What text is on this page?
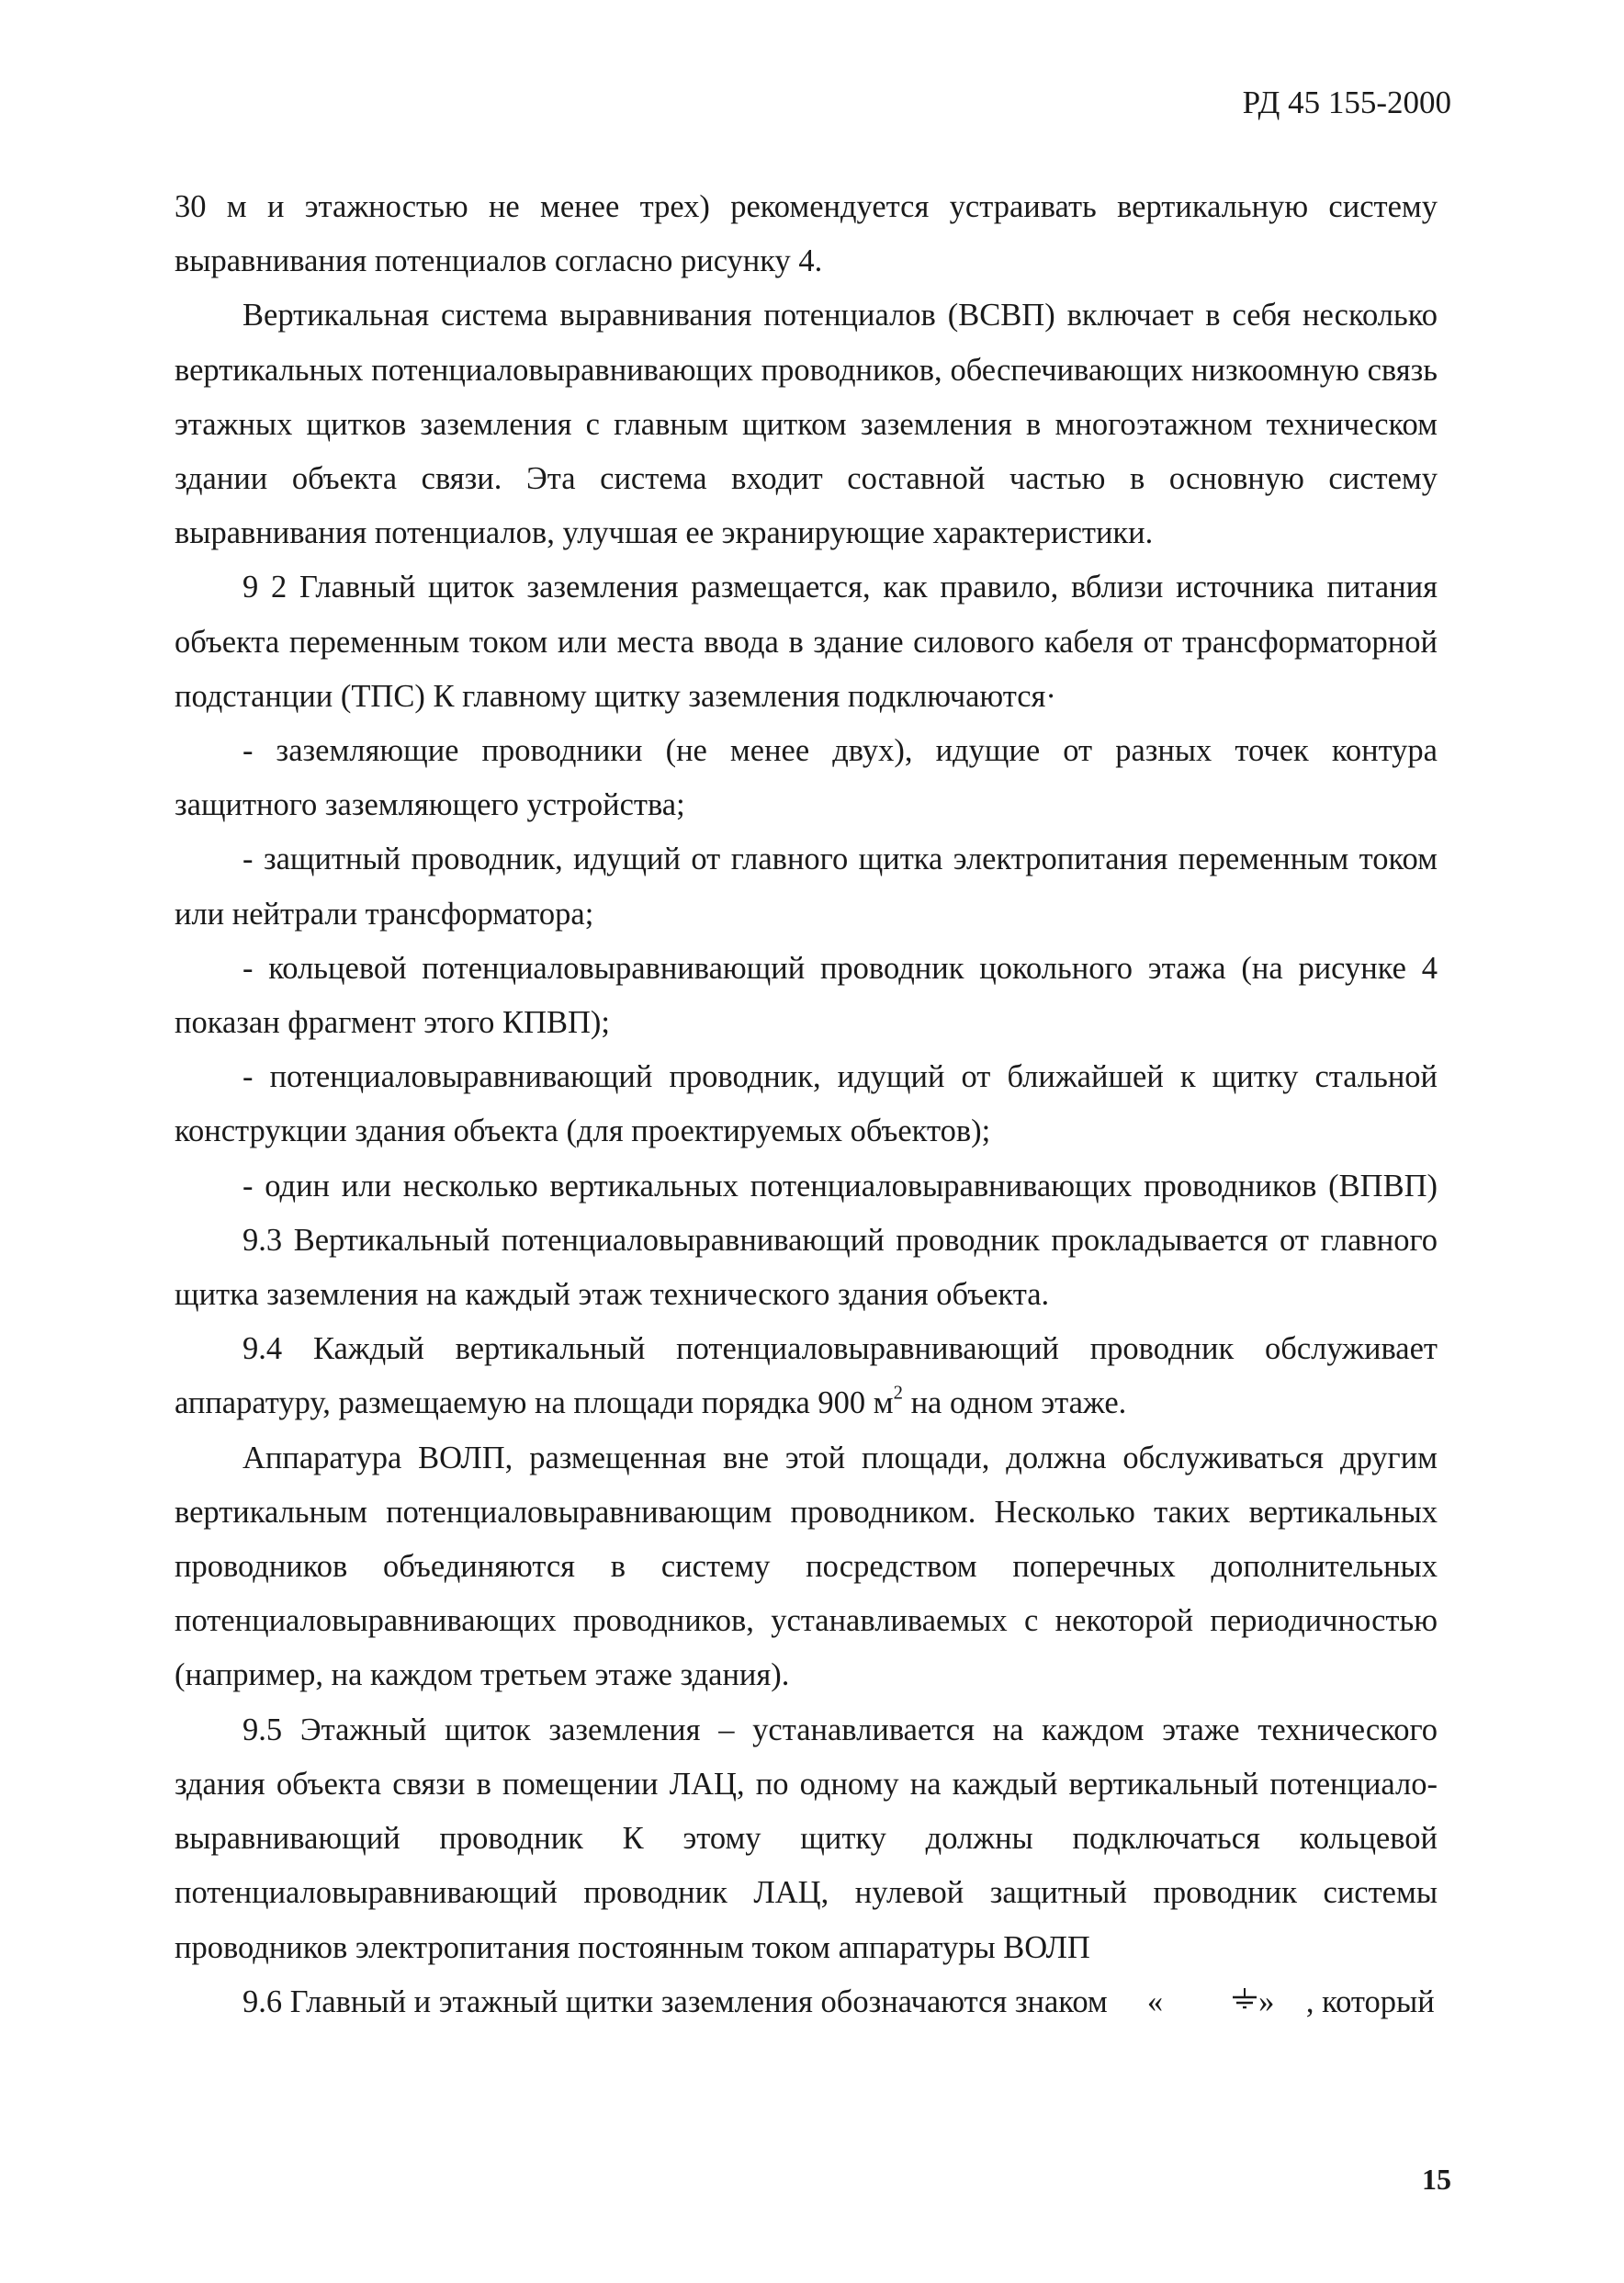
РД 45 155-2000

30 м и этажностью не менее трех) рекомендуется устраивать вертикальную систему
выравнивания потенциалов согласно рисунку 4.

Вертикальная система выравнивания потенциалов (ВСВП) включает в себя несколько
вертикальных потенциаловыравнивающих проводников, обеспечивающих низкоомную связь
этажных щитков заземления с главным щитком заземления в многоэтажном техническом
здании объекта связи. Эта система входит составной частью в основную систему
выравнивания потенциалов, улучшая ее экранирующие характеристики.

9 2 Главный щиток заземления размещается, как правило, вблизи источника питания
объекта переменным током или места ввода в здание силового кабеля от трансформаторной
подстанции (ТПС) К главному щитку заземления подключаются·

- заземляющие проводники (не менее двух), идущие от разных точек контура
защитного заземляющего устройства;

- защитный проводник, идущий от главного щитка электропитания переменным током
или нейтрали трансформатора;

- кольцевой потенциаловыравнивающий проводник цокольного этажа (на рисунке 4
показан фрагмент этого КПВП);

- потенциаловыравнивающий проводник, идущий от ближайшей к щитку стальной
конструкции здания объекта (для проектируемых объектов);

- один или несколько вертикальных потенциаловыравнивающих проводников (ВПВП)

9.3 Вертикальный потенциаловыравнивающий проводник прокладывается от главного
щитка заземления на каждый этаж технического здания объекта.

9.4 Каждый вертикальный потенциаловыравнивающий проводник обслуживает
аппаратуру, размещаемую на площади порядка 900 $м^2$ на одном этаже.

Аппаратура ВОЛП, размещенная вне этой площади, должна обслуживаться другим
вертикальным потенциаловыравнивающим проводником. Несколько таких вертикальных
проводников объединяются в систему посредством поперечных дополнительных
потенциаловыравнивающих проводников, устанавливаемых с некоторой периодичностью
(например, на каждом третьем этаже здания).

9.5 Этажный щиток заземления – устанавливается на каждом этаже технического
здания объекта связи в помещении ЛАЦ, по одному на каждый вертикальный потенциало-
выравнивающий проводник К этому щитку должны подключаться кольцевой
потенциаловыравнивающий проводник ЛАЦ, нулевой защитный проводник системы
проводников электропитания постоянным током аппаратуры ВОЛП

9.6 Главный и этажный щитки заземления обозначаются знаком «	» , который

15
